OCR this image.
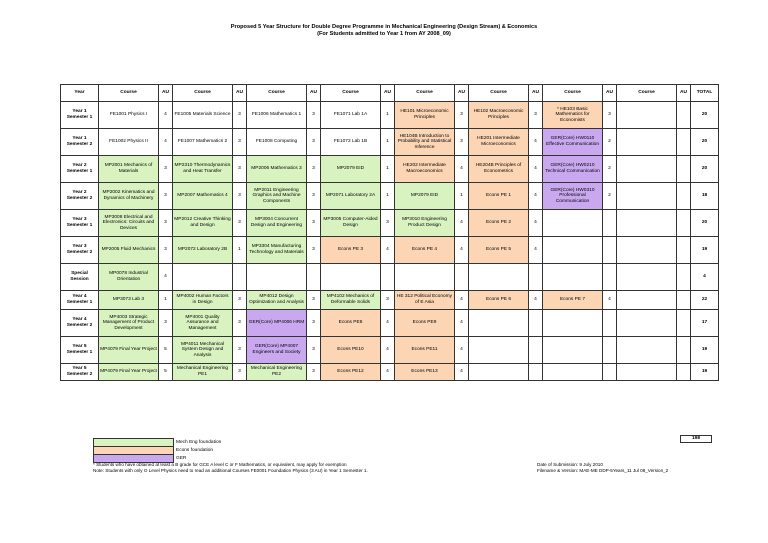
Proposed 5 Year Structure for Double Degree Programme in Mechanical Engineering (Design Stream) & Economics
(For Students admitted to Year 1 from AY 2008_09)
Year	Course	AU	Course	AU	Course	AU	Course	AU	Course	AU	Course	AU	Course	AU	Course	AU	TOTAL
Year 1 Semester 1	FE1001 Physics I	4	FE1005 Materials Science	3	FE1006 Mathematics 1	3	FE1071 Lab 1A	1	HE101 Microeconomic Principles	3	HE102 Macroeconomic Principles	3	* HE103 Basic Mathematics for Economists	3			20
Year 1 Semester 2	FE1002 Physics II	4	FE1007 Mathematics 2	3	FE1008 Computing	3	FE1072 Lab 1B	1	HE104B Introduction to Probability and Statistical Inference	3	HE201 Intermediate Microeconomics	4	GER(Core) HW0110 Effective Communication	2			20
Year 2 Semester 1	MP2001 Mechanics of Materials	3	MP2310 Thermodynamics and Heat Transfer	3	MP2006 Mathematics 3	3	MP2079 EID	1	HE202 Intermediate Macroeconomics	4	HE204B Principles of Econometrics	4	GER(Core) HW0210 Technical Communication	2			20
Year 2 Semester 2	MP2002 Kinematics and Dynamics of Machinery	3	MP2007 Mathematics 4	3	MP2011 Engineering Graphics and Machine Components	3	MP2071 Laboratory 2A	1	MP2079 EID	1	Econs PE 1	4	GER(Core) HW0310 Professional Communication	2			18
Year 3 Semester 1	MP3008 Electrical and Electronics: Circuits and Devices	3	MP2012 Creative Thinking and Design	3	MP3004 Concurrent Design and Engineering	3	MP3005 Computer-Aided Design	3	MP3010 Engineering Product Design	4	Econs PE 2	4					20
Year 3 Semester 2	MP2005 Fluid Mechanics	3	MP2072 Laboratory 2B	1	MP3304 Manufacturing Technology and Materials	3	Econs PE 3	4	Econs PE 4	4	Econs PE 5	4					19
Special Session	MP0078 Industrial Orientation	4															4
Year 4 Semester 1	MP3073 Lab 3	1	MP4002 Human Factors in Design	3	MP4012 Design Optimization and Analysis	3	MP4102 Mechanics of Deformable Solids	3	HE 312 Political Economy of E Asia	4	Econs PE 6	4	Econs PE 7	4			22
Year 4 Semester 2	MP4003 Strategic Management of Product Development	3	MP4001 Quality Assurance and Management	3	GER(Core) MP4006 HRM	3	Econs PE8	4	Econs PE9	4							17
Year 5 Semester 1	MP4079 Final Year Project	5	MP4011 Mechanical System Design and Analysis	3	GER(Core) MP4007 Engineers and Society	3	Econs PE10	4	Econs PE11	4							19
Year 5 Semester 2	MP4079 Final Year Project	5	Mechanical Engineering PE1	3	Mechanical Engineering PE2	3	Econs PE12	4	Econs PE13	4							19
198
	Mech Eng foundation
	Econs foundation
	GER
* Students who have obtained at least a B grade for GCE A level C or F Mathematics, or equivalent, may apply for exemption
Note: Students with only O Level Physics need to read an additional Courses FE0001 Foundation Physics (3 AU) in Year 1 Semester 1.
Date of Submission: 9 July 2010
Filename & Version: MAE-ME DDP-5Years_11 Jul 08_Version_2
